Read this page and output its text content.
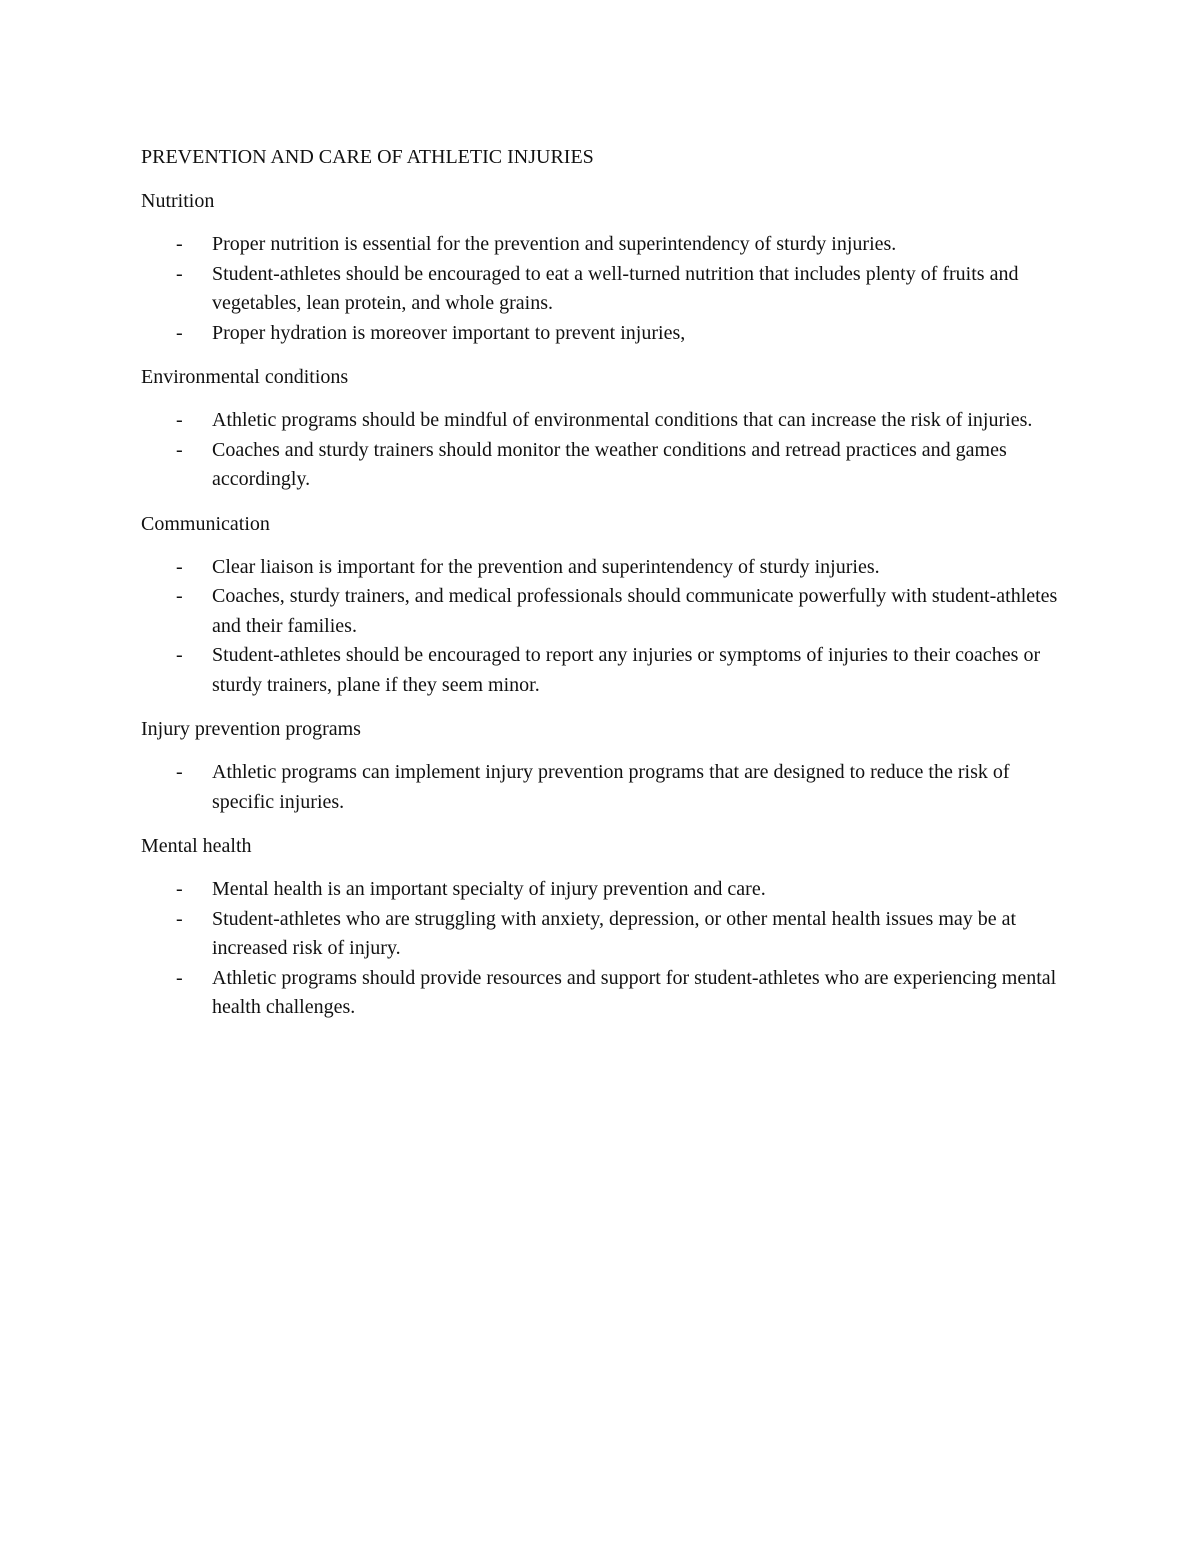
PREVENTION AND CARE OF ATHLETIC INJURIES
Nutrition
- Proper nutrition is essential for the prevention and superintendency of sturdy injuries.
- Student-athletes should be encouraged to eat a well-turned nutrition that includes plenty of fruits and vegetables, lean protein, and whole grains.
- Proper hydration is moreover important to prevent injuries,
Environmental conditions
- Athletic programs should be mindful of environmental conditions that can increase the risk of injuries.
- Coaches and sturdy trainers should monitor the weather conditions and retread practices and games accordingly.
Communication
- Clear liaison is important for the prevention and superintendency of sturdy injuries.
- Coaches, sturdy trainers, and medical professionals should communicate powerfully with student-athletes and their families.
- Student-athletes should be encouraged to report any injuries or symptoms of injuries to their coaches or sturdy trainers, plane if they seem minor.
Injury prevention programs
- Athletic programs can implement injury prevention programs that are designed to reduce the risk of specific injuries.
Mental health
- Mental health is an important specialty of injury prevention and care.
- Student-athletes who are struggling with anxiety, depression, or other mental health issues may be at increased risk of injury.
- Athletic programs should provide resources and support for student-athletes who are experiencing mental health challenges.
